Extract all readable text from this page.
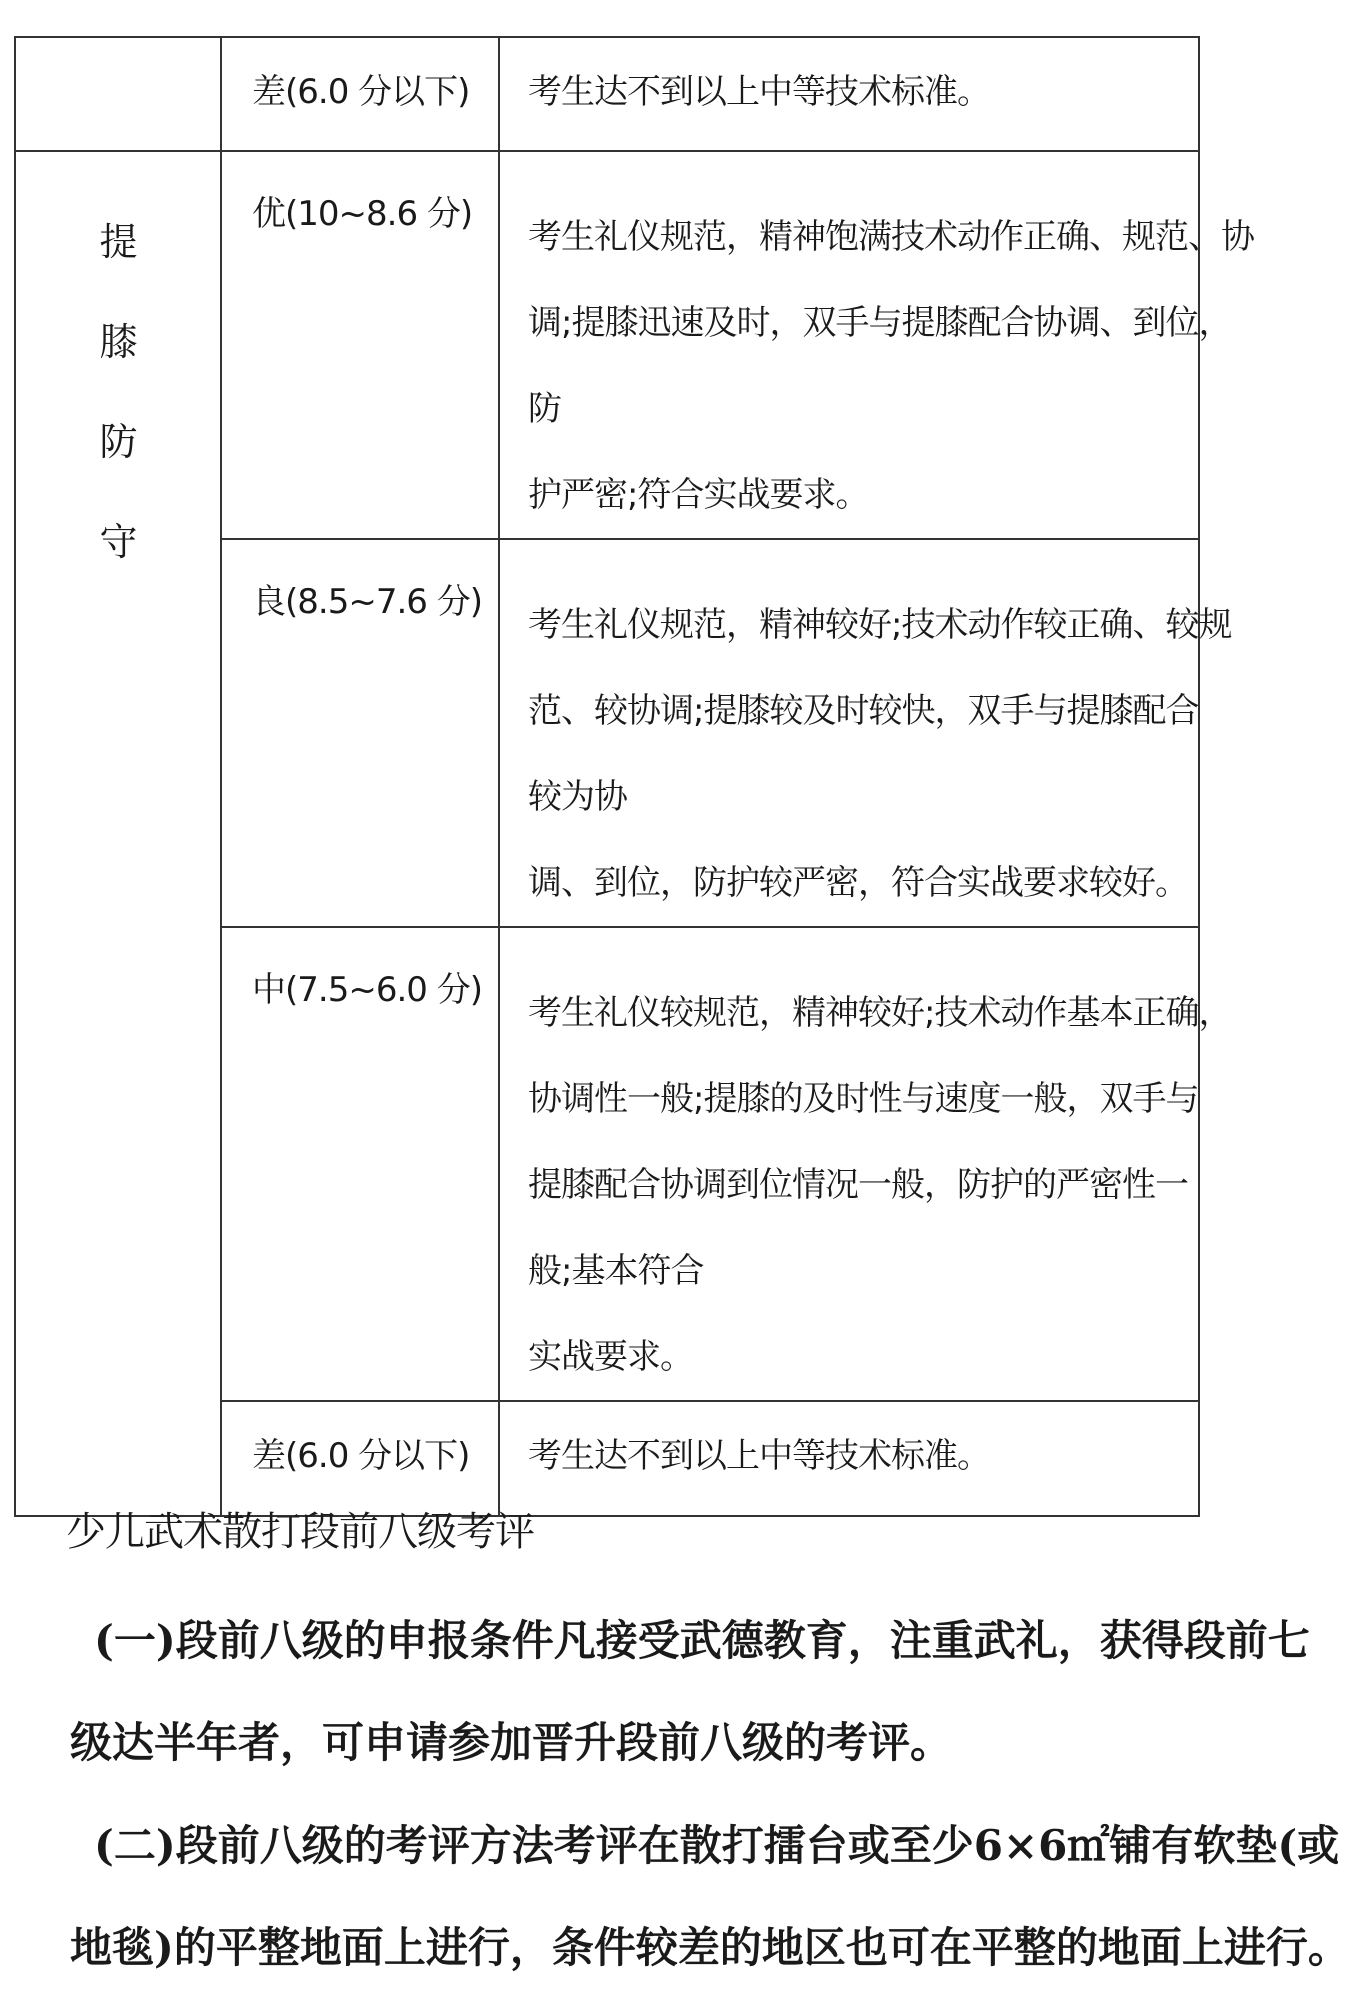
	差(6.0 分以下)	考生达不到以上中等技术标准。

提
膝
防
守	优(10~8.6 分)	考生礼仪规范，精神饱满技术动作正确、规范、协
调;提膝迅速及时，双手与提膝配合协调、到位，
防
护严密;符合实战要求。

	良(8.5~7.6 分)	考生礼仪规范，精神较好;技术动作较正确、较规
范、较协调;提膝较及时较快，双手与提膝配合
较为协
调、到位，防护较严密，符合实战要求较好。

	中(7.5~6.0 分)	考生礼仪较规范，精神较好;技术动作基本正确，
协调性一般;提膝的及时性与速度一般，双手与
提膝配合协调到位情况一般，防护的严密性一
般;基本符合
实战要求。

	差(6.0 分以下)	考生达不到以上中等技术标准。
少儿武术散打段前八级考评
(一)段前八级的申报条件凡接受武德教育，注重武礼，获得段前七
级达半年者，可申请参加晋升段前八级的考评。
(二)段前八级的考评方法考评在散打擂台或至少6×6㎡铺有软垫(或
地毯)的平整地面上进行，条件较差的地区也可在平整的地面上进行。
